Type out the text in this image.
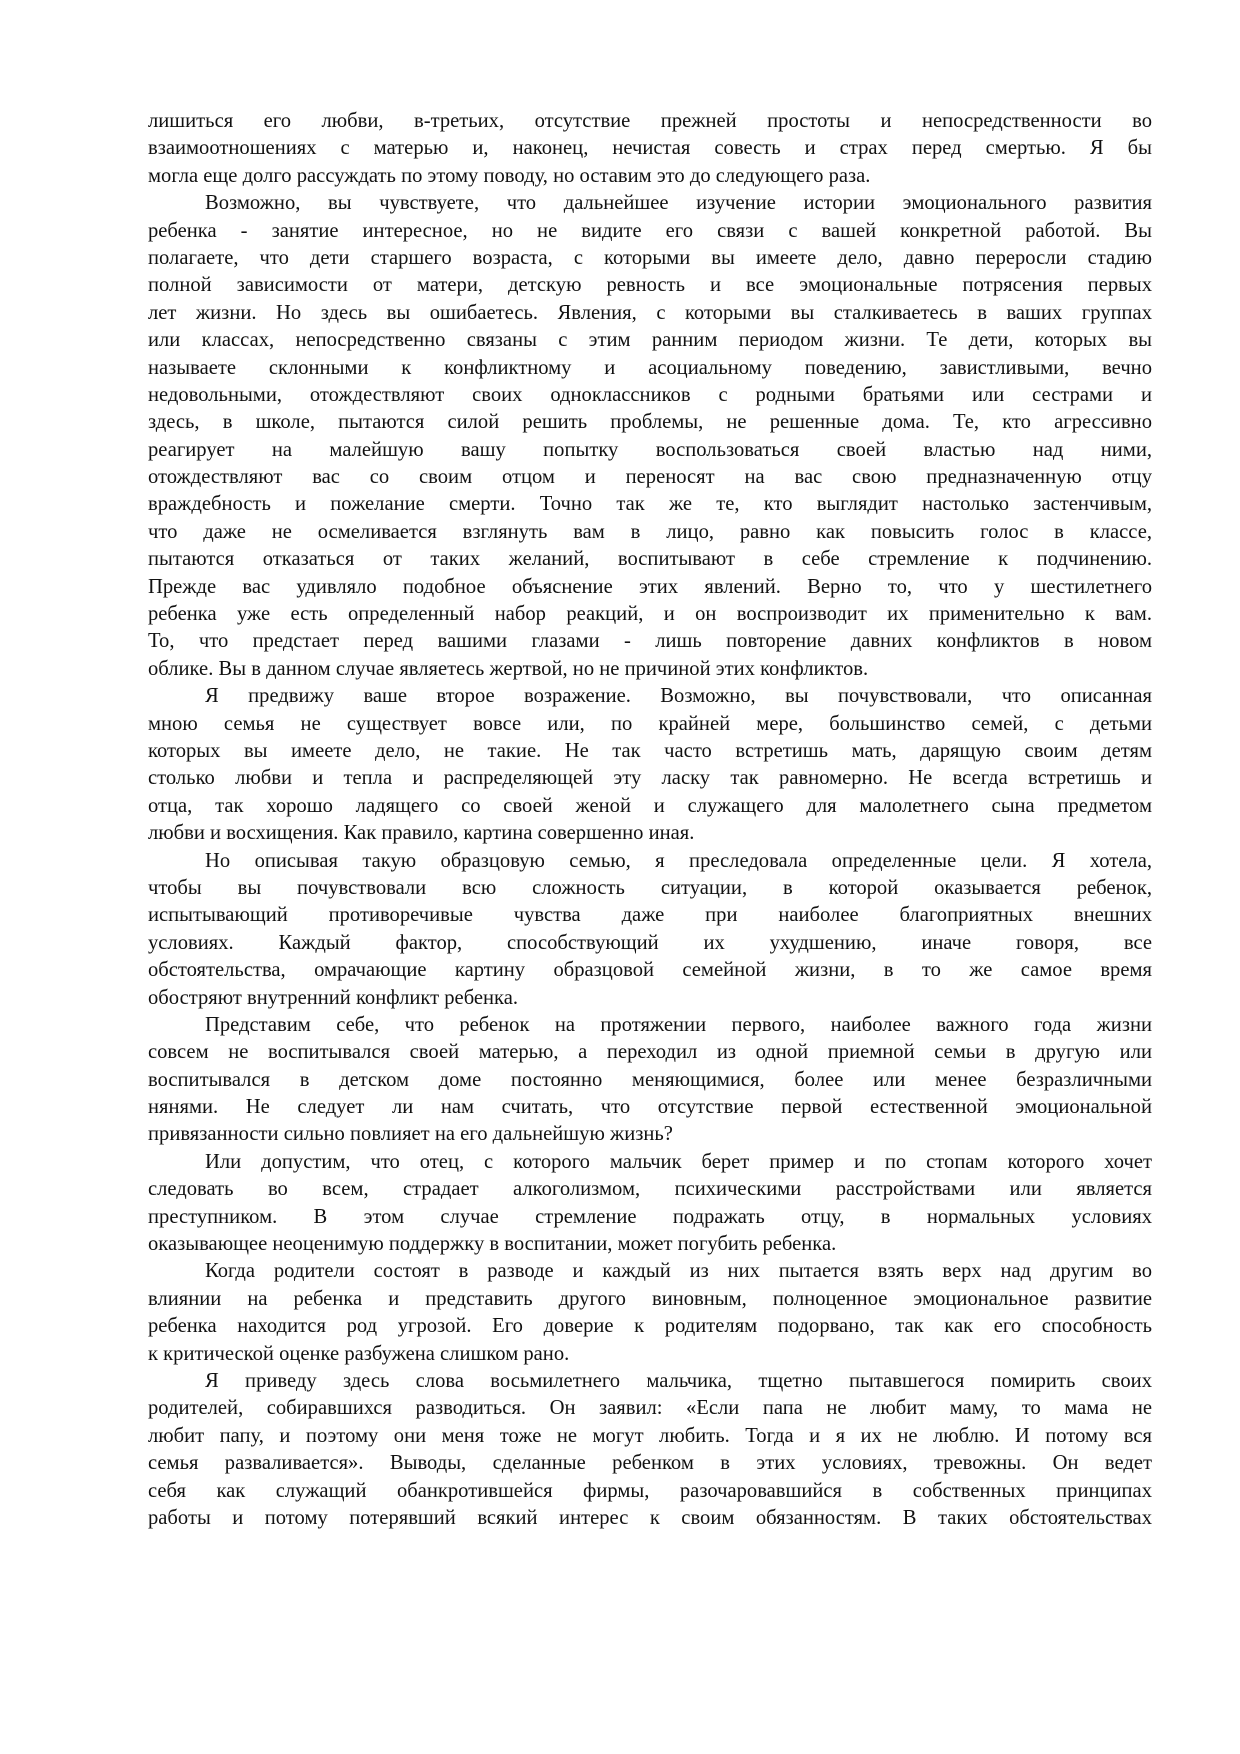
лишиться его любви, в-третьих, отсутствие прежней простоты и непосредственности во
взаимоотношениях с матерью и, наконец, нечистая совесть и страх перед смертью. Я бы
могла еще долго рассуждать по этому поводу, но оставим это до следующего раза.
Возможно, вы чувствуете, что дальнейшее изучение истории эмоционального развития
ребенка - занятие интересное, но не видите его связи с вашей конкретной работой. Вы
полагаете, что дети старшего возраста, с которыми вы имеете дело, давно переросли стадию
полной зависимости от матери, детскую ревность и все эмоциональные потрясения первых
лет жизни. Но здесь вы ошибаетесь. Явления, с которыми вы сталкиваетесь в ваших группах
или классах, непосредственно связаны с этим ранним периодом жизни. Те дети, которых вы
называете склонными к конфликтному и асоциальному поведению, завистливыми, вечно
недовольными, отождествляют своих одноклассников с родными братьями или сестрами и
здесь, в школе, пытаются силой решить проблемы, не решенные дома. Те, кто агрессивно
реагирует на малейшую вашу попытку воспользоваться своей властью над ними,
отождествляют вас со своим отцом и переносят на вас свою предназначенную отцу
враждебность и пожелание смерти. Точно так же те, кто выглядит настолько застенчивым,
что даже не осмеливается взглянуть вам в лицо, равно как повысить голос в классе,
пытаются отказаться от таких желаний, воспитывают в себе стремление к подчинению.
Прежде вас удивляло подобное объяснение этих явлений. Верно то, что у шестилетнего
ребенка уже есть определенный набор реакций, и он воспроизводит их применительно к вам.
То, что предстает перед вашими глазами - лишь повторение давних конфликтов в новом
облике. Вы в данном случае являетесь жертвой, но не причиной этих конфликтов.
Я предвижу ваше второе возражение. Возможно, вы почувствовали, что описанная
мною семья не существует вовсе или, по крайней мере, большинство семей, с детьми
которых вы имеете дело, не такие. Не так часто встретишь мать, дарящую своим детям
столько любви и тепла и распределяющей эту ласку так равномерно. Не всегда встретишь и
отца, так хорошо ладящего со своей женой и служащего для малолетнего сына предметом
любви и восхищения. Как правило, картина совершенно иная.
Но описывая такую образцовую семью, я преследовала определенные цели. Я хотела,
чтобы вы почувствовали всю сложность ситуации, в которой оказывается ребенок,
испытывающий противоречивые чувства даже при наиболее благоприятных внешних
условиях. Каждый фактор, способствующий их ухудшению, иначе говоря, все
обстоятельства, омрачающие картину образцовой семейной жизни, в то же самое время
обостряют внутренний конфликт ребенка.
Представим себе, что ребенок на протяжении первого, наиболее важного года жизни
совсем не воспитывался своей матерью, а переходил из одной приемной семьи в другую или
воспитывался в детском доме постоянно меняющимися, более или менее безразличными
нянями. Не следует ли нам считать, что отсутствие первой естественной эмоциональной
привязанности сильно повлияет на его дальнейшую жизнь?
Или допустим, что отец, с которого мальчик берет пример и по стопам которого хочет
следовать во всем, страдает алкоголизмом, психическими расстройствами или является
преступником. В этом случае стремление подражать отцу, в нормальных условиях
оказывающее неоценимую поддержку в воспитании, может погубить ребенка.
Когда родители состоят в разводе и каждый из них пытается взять верх над другим во
влиянии на ребенка и представить другого виновным, полноценное эмоциональное развитие
ребенка находится род угрозой. Его доверие к родителям подорвано, так как его способность
к критической оценке разбужена слишком рано.
Я приведу здесь слова восьмилетнего мальчика, тщетно пытавшегося помирить своих
родителей, собиравшихся разводиться. Он заявил: «Если папа не любит маму, то мама не
любит папу, и поэтому они меня тоже не могут любить. Тогда и я их не люблю. И потому вся
семья разваливается». Выводы, сделанные ребенком в этих условиях, тревожны. Он ведет
себя как служащий обанкротившейся фирмы, разочаровавшийся в собственных принципах
работы и потому потерявший всякий интерес к своим обязанностям. В таких обстоятельствах
